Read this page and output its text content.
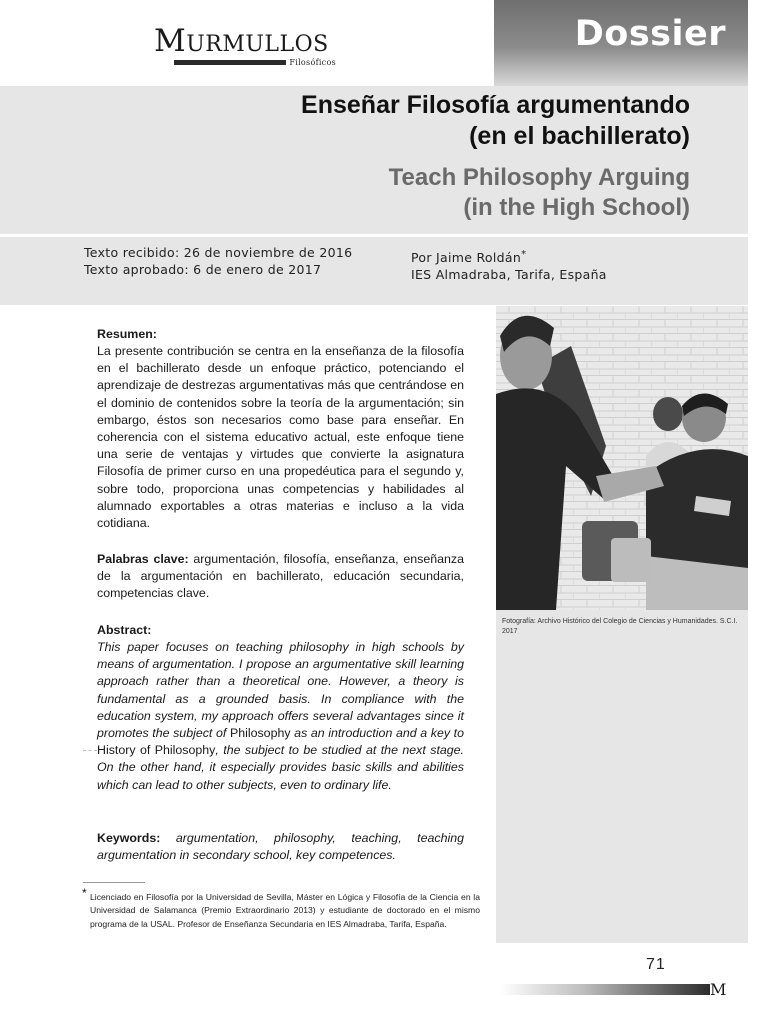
MURMULLOS
Filosóficos
Dossier
Enseñar Filosofía argumentando
(en el bachillerato)
Teach Philosophy Arguing
(in the High School)
Texto recibido: 26 de noviembre de 2016
Texto aprobado: 6 de enero de 2017
Por Jaime Roldán*
IES Almadraba, Tarifa, España
Fotografía: Archivo Histórico del Colegio de Ciencias y Humanidades. S.C.I. 2017
Resumen:
La presente contribución se centra en la enseñanza de la filosofía en el bachillerato desde un enfoque práctico, potenciando el aprendizaje de destrezas argumentativas más que centrándose en el dominio de contenidos sobre la teoría de la argumentación; sin embargo, éstos son necesarios como base para enseñar. En coherencia con el sistema educativo actual, este enfoque tiene una serie de ventajas y virtudes que convierte la asignatura Filosofía de primer curso en una propedéutica para el segundo y, sobre todo, proporciona unas competencias y habilidades al alumnado exportables a otras materias e incluso a la vida cotidiana.
Palabras clave: argumentación, filosofía, enseñanza, enseñanza de la argumentación en bachillerato, educación secundaria, competencias clave.
Abstract:
This paper focuses on teaching philosophy in high schools by means of argumentation. I propose an argumentative skill learning approach rather than a theoretical one. However, a theory is fundamental as a grounded basis. In compliance with the education system, my approach offers several advantages since it promotes the subject of Philosophy as an introduction and a key to History of Philosophy, the subject to be studied at the next stage. On the other hand, it especially provides basic skills and abilities which can lead to other subjects, even to ordinary life.
Keywords: argumentation, philosophy, teaching, teaching argumentation in secondary school, key competences.
* Licenciado en Filosofía por la Universidad de Sevilla, Máster en Lógica y Filosofía de la Ciencia en la Universidad de Salamanca (Premio Extraordinario 2013) y estudiante de doctorado en el mismo programa de la USAL. Profesor de Enseñanza Secundaria en IES Almadraba, Tarifa, España.
71
M
